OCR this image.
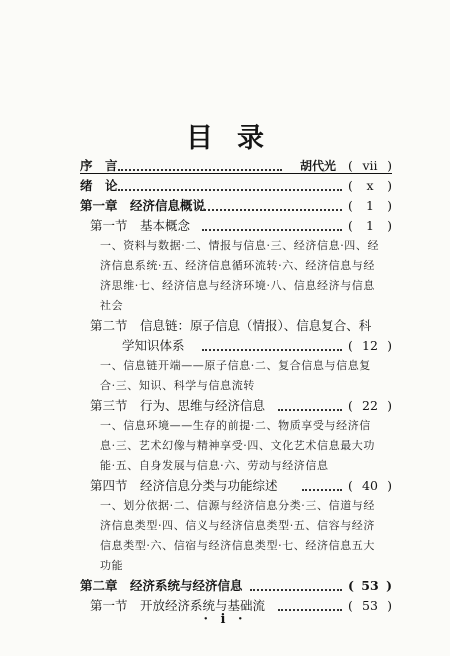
目录
序　言	胡代光 ( vii )
绪　论	(	x	)
第一章　经济信息概说	(	1	)
第一节　基本概念	(	1	)
一、资料与数据·二、情报与信息·三、经济信息·四、经济信息系统·五、经济信息循环流转·六、经济信息与经济思维·七、经济信息与经济环境·八、信息经济与信息社会
第二节　信息链：原子信息（情报）、信息复合、科
学知识体系	( 12 )
一、信息链开端——原子信息·二、复合信息与信息复合·三、知识、科学与信息流转
第三节　行为、思维与经济信息	( 22 )
一、信息环境——生存的前提·二、物质享受与经济信息·三、艺术幻像与精神享受·四、文化艺术信息最大功能·五、自身发展与信息·六、劳动与经济信息
第四节　经济信息分类与功能综述	( 40 )
一、划分依据·二、信源与经济信息分类·三、信道与经济信息类型·四、信义与经济信息类型·五、信容与经济信息类型·六、信宿与经济信息类型·七、经济信息五大功能
第二章　经济系统与经济信息	( 53 )
第一节　开放经济系统与基础流	( 53 )
· i ·
